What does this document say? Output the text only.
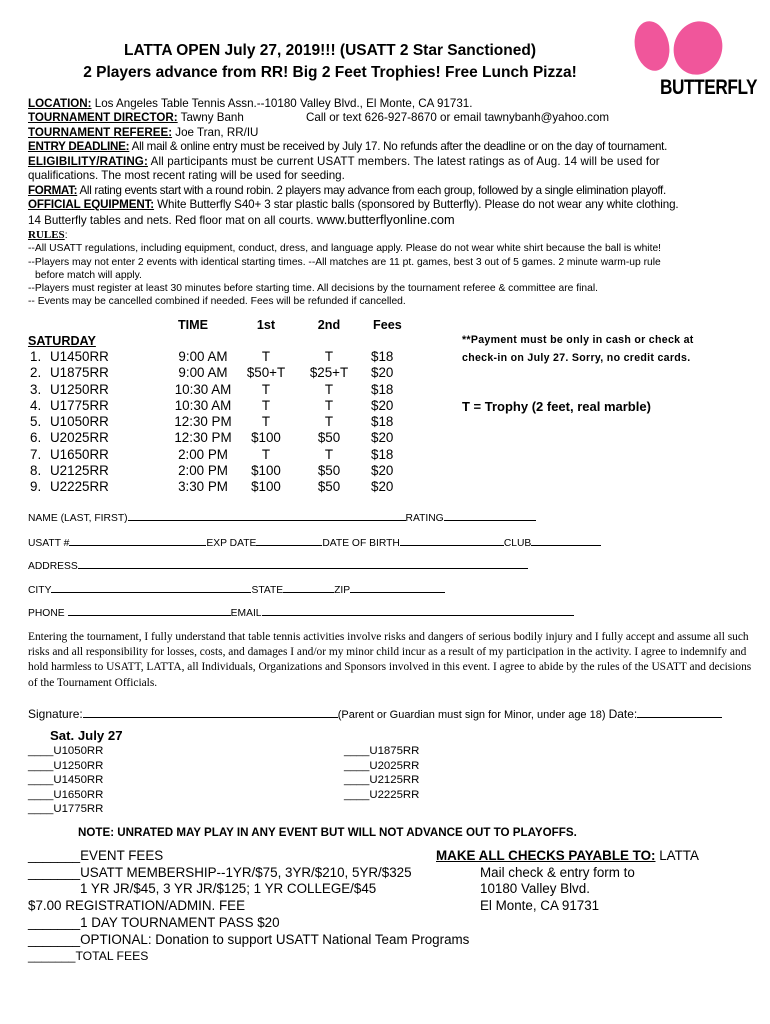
LATTA OPEN July 27, 2019!!! (USATT 2 Star Sanctioned)
2 Players advance from RR! Big 2 Feet Trophies! Free Lunch Pizza!
BUTTERFLY
LOCATION: Los Angeles Table Tennis Assn.--10180 Valley Blvd., El Monte, CA 91731.
TOURNAMENT DIRECTOR: Tawny Banh	Call or text 626-927-8670 or email tawnybanh@yahoo.com
TOURNAMENT REFEREE: Joe Tran, RR/IU
ENTRY DEADLINE: All mail & online entry must be received by July 17. No refunds after the deadline or on the day of tournament.
ELIGIBILITY/RATING: All participants must be current USATT members. The latest ratings as of Aug. 14 will be used for
qualifications. The most recent rating will be used for seeding.
FORMAT: All rating events start with a round robin. 2 players may advance from each group, followed by a single elimination playoff.
OFFICIAL EQUIPMENT: White Butterfly S40+ 3 star plastic balls (sponsored by Butterfly). Please do not wear any white clothing.
14 Butterfly tables and nets. Red floor mat on all courts. www.butterflyonline.com
RULES:
--All USATT regulations, including equipment, conduct, dress, and language apply. Please do not wear white shirt because the ball is white!
--Players may not enter 2 events with identical starting times. --All matches are 11 pt. games, best 3 out of 5 games. 2 minute warm-up rule
before match will apply.
--Players must register at least 30 minutes before starting time. All decisions by the tournament referee & committee are final.
-- Events may be cancelled combined if needed. Fees will be refunded if cancelled.
TIME	1st	2nd	Fees
SATURDAY
1. U1450RR	9:00 AM	T	T	$18
2. U1875RR	9:00 AM	$50+T	$25+T	$20
3. U1250RR	10:30 AM	T	T	$18
4. U1775RR	10:30 AM	T	T	$20
5. U1050RR	12:30 PM	T	T	$18
6. U2025RR	12:30 PM	$100	$50	$20
7. U1650RR	2:00 PM	T	T	$18
8. U2125RR	2:00 PM	$100	$50	$20
9. U2225RR	3:30 PM	$100	$50	$20
**Payment must be only in cash or check at
check-in on July 27. Sorry, no credit cards.
T = Trophy (2 feet, real marble)
NAME (LAST, FIRST)	RATING
USATT #	EXP DATE	DATE OF BIRTH	CLUB
ADDRESS
CITY	STATE	ZIP
PHONE	EMAIL
Entering the tournament, I fully understand that table tennis activities involve risks and dangers of serious bodily injury and I fully accept and assume all such risks and all responsibility for losses, costs, and damages I and/or my minor child incur as a result of my participation in the activity. I agree to indemnify and hold harmless to USATT, LATTA, all Individuals, Organizations and Sponsors involved in this event. I agree to abide by the rules of the USATT and decisions of the Tournament Officials.
Signature:	(Parent or Guardian must sign for Minor, under age 18) Date:
Sat. July 27
____U1050RR
____U1250RR
____U1450RR
____U1650RR
____U1775RR
____U1875RR
____U2025RR
____U2125RR
____U2225RR
NOTE: UNRATED MAY PLAY IN ANY EVENT BUT WILL NOT ADVANCE OUT TO PLAYOFFS.
_______EVENT FEES
_______USATT MEMBERSHIP--1YR/$75, 3YR/$210, 5YR/$325
1 YR JR/$45, 3 YR JR/$125; 1 YR COLLEGE/$45
$7.00 REGISTRATION/ADMIN. FEE
_______1 DAY TOURNAMENT PASS $20
_______OPTIONAL: Donation to support USATT National Team Programs
_______TOTAL FEES
MAKE ALL CHECKS PAYABLE TO: LATTA
Mail check & entry form to
10180 Valley Blvd.
El Monte, CA 91731
